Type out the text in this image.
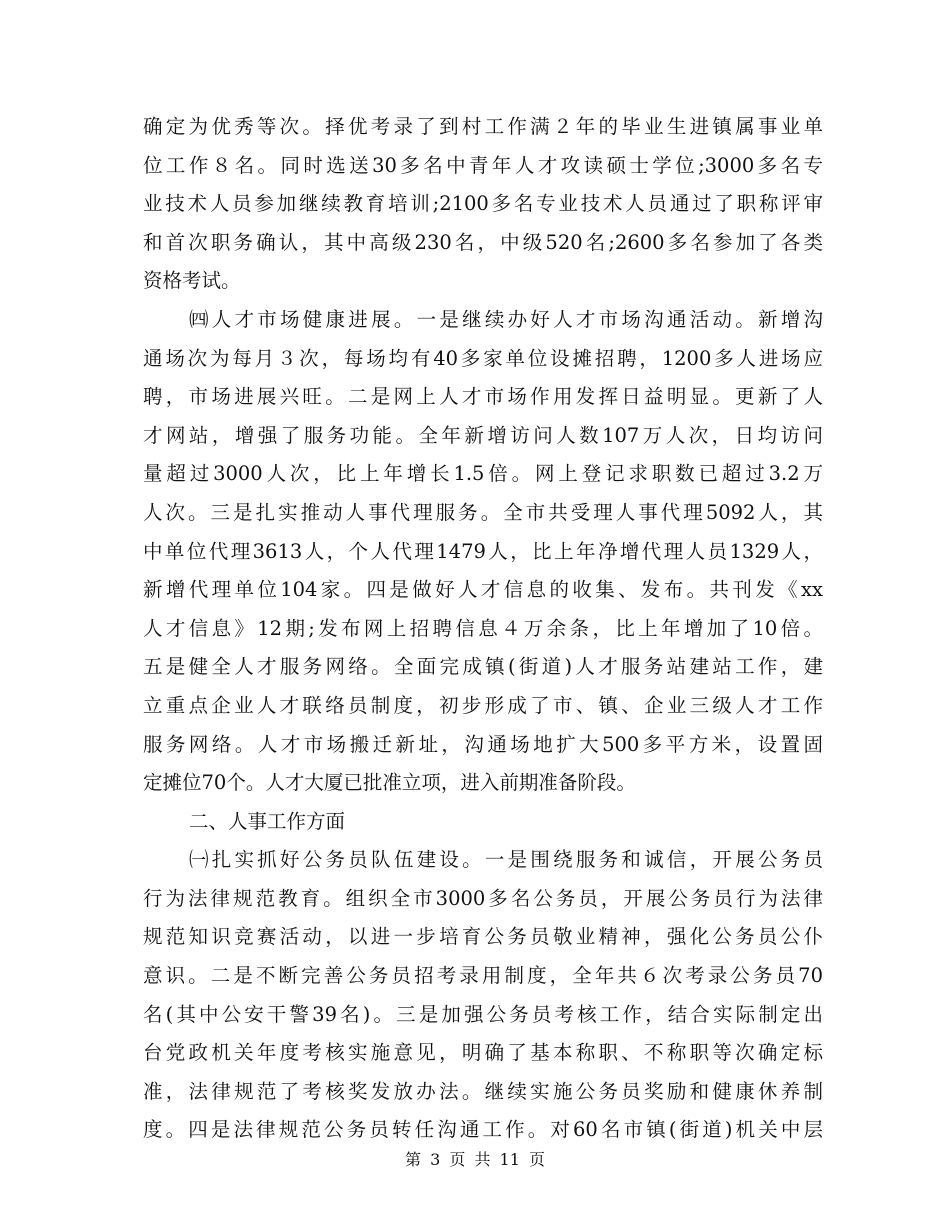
确定为优秀等次。择优考录了到村工作满２年的毕业生进镇属事业单
位工作８名。同时选送30多名中青年人才攻读硕士学位;3000多名专
业技术人员参加继续教育培训;2100多名专业技术人员通过了职称评审
和首次职务确认，其中高级230名，中级520名;2600多名参加了各类
资格考试。
㈣人才市场健康进展。一是继续办好人才市场沟通活动。新增沟
通场次为每月３次，每场均有40多家单位设摊招聘，1200多人进场应
聘，市场进展兴旺。二是网上人才市场作用发挥日益明显。更新了人
才网站，增强了服务功能。全年新增访问人数107万人次，日均访问
量超过3000人次，比上年增长1.5倍。网上登记求职数已超过3.2万
人次。三是扎实推动人事代理服务。全市共受理人事代理5092人，其
中单位代理3613人，个人代理1479人，比上年净增代理人员1329人，
新增代理单位104家。四是做好人才信息的收集、发布。共刊发《xx
人才信息》12期;发布网上招聘信息４万余条，比上年增加了10倍。
五是健全人才服务网络。全面完成镇(街道)人才服务站建站工作，建
立重点企业人才联络员制度，初步形成了市、镇、企业三级人才工作
服务网络。人才市场搬迁新址，沟通场地扩大500多平方米，设置固
定摊位70个。人才大厦已批准立项，进入前期准备阶段。
二、人事工作方面
㈠扎实抓好公务员队伍建设。一是围绕服务和诚信，开展公务员
行为法律规范教育。组织全市3000多名公务员，开展公务员行为法律
规范知识竞赛活动，以进一步培育公务员敬业精神，强化公务员公仆
意识。二是不断完善公务员招考录用制度，全年共６次考录公务员70
名(其中公安干警39名)。三是加强公务员考核工作，结合实际制定出
台党政机关年度考核实施意见，明确了基本称职、不称职等次确定标
准，法律规范了考核奖发放办法。继续实施公务员奖励和健康休养制
度。四是法律规范公务员转任沟通工作。对60名市镇(街道)机关中层
第 3 页 共 11 页
